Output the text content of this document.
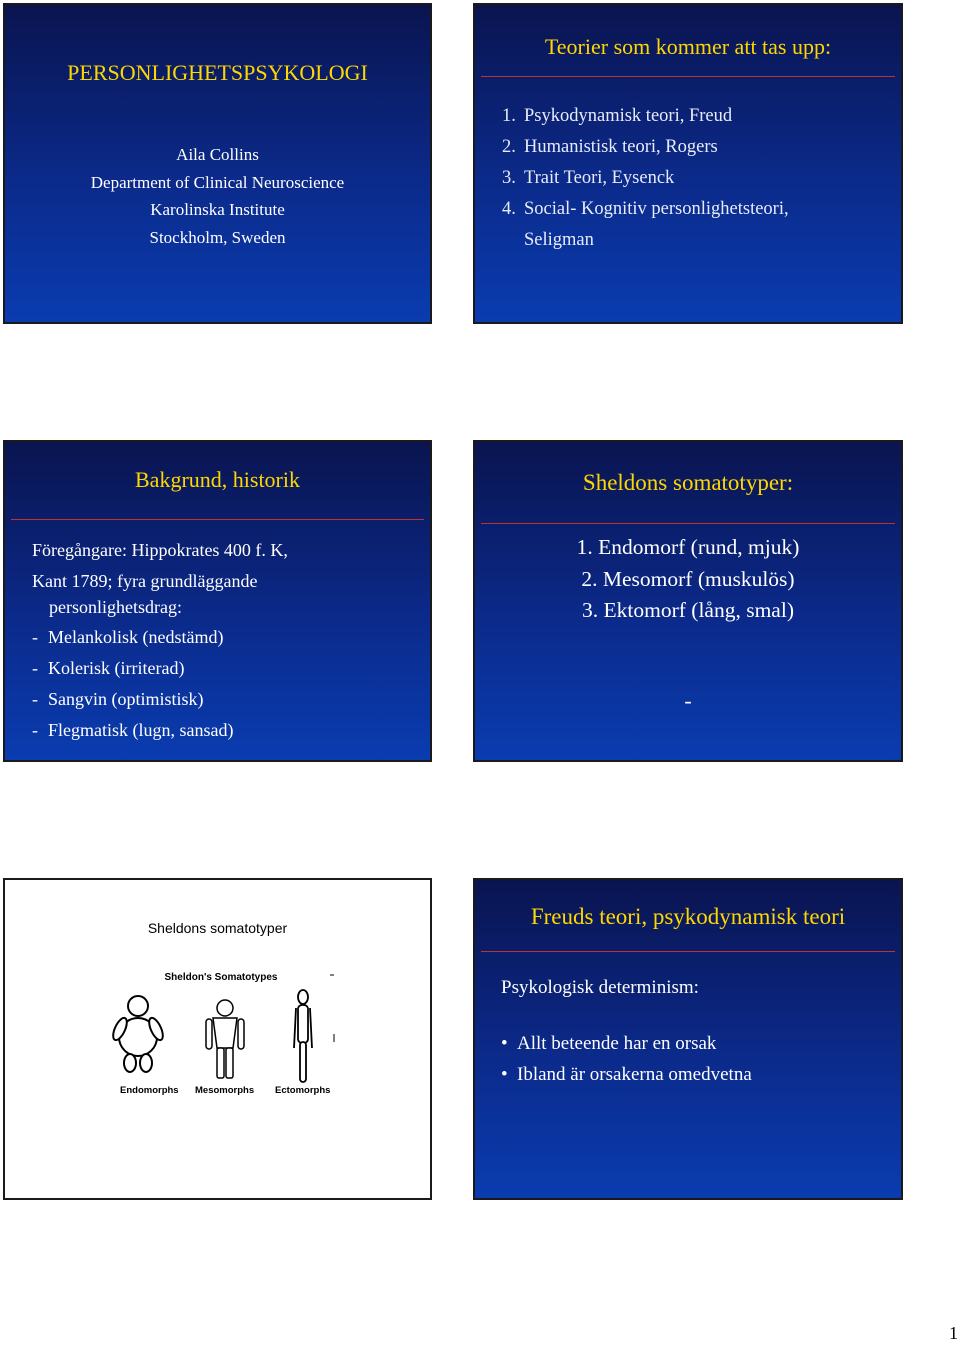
PERSONLIGHETSPSYKOLOGI
Aila Collins
Department of Clinical Neuroscience
Karolinska Institute
Stockholm, Sweden
Teorier som kommer att tas upp:
1. Psykodynamisk teori, Freud
2. Humanistisk teori, Rogers
3. Trait Teori, Eysenck
4. Social- Kognitiv personlighetsteori,
Seligman
Bakgrund, historik
Föregångare: Hippokrates 400 f. K,
Kant 1789; fyra grundläggande
personlighetsdrag:
- Melankolisk (nedstämd)
- Kolerisk (irriterad)
- Sangvin (optimistisk)
- Flegmatisk (lugn, sansad)
Sheldons somatotyper:
1. Endomorf (rund, mjuk)
2. Mesomorf (muskulös)
3. Ektomorf (lång, smal)
-
Sheldons somatotyper
Sheldon's Somatotypes
Endomorphs Mesomorphs Ectomorphs
Freuds teori, psykodynamisk teori
Psykologisk determinism:
• Allt beteende har en orsak
• Ibland är orsakerna omedvetna
1
